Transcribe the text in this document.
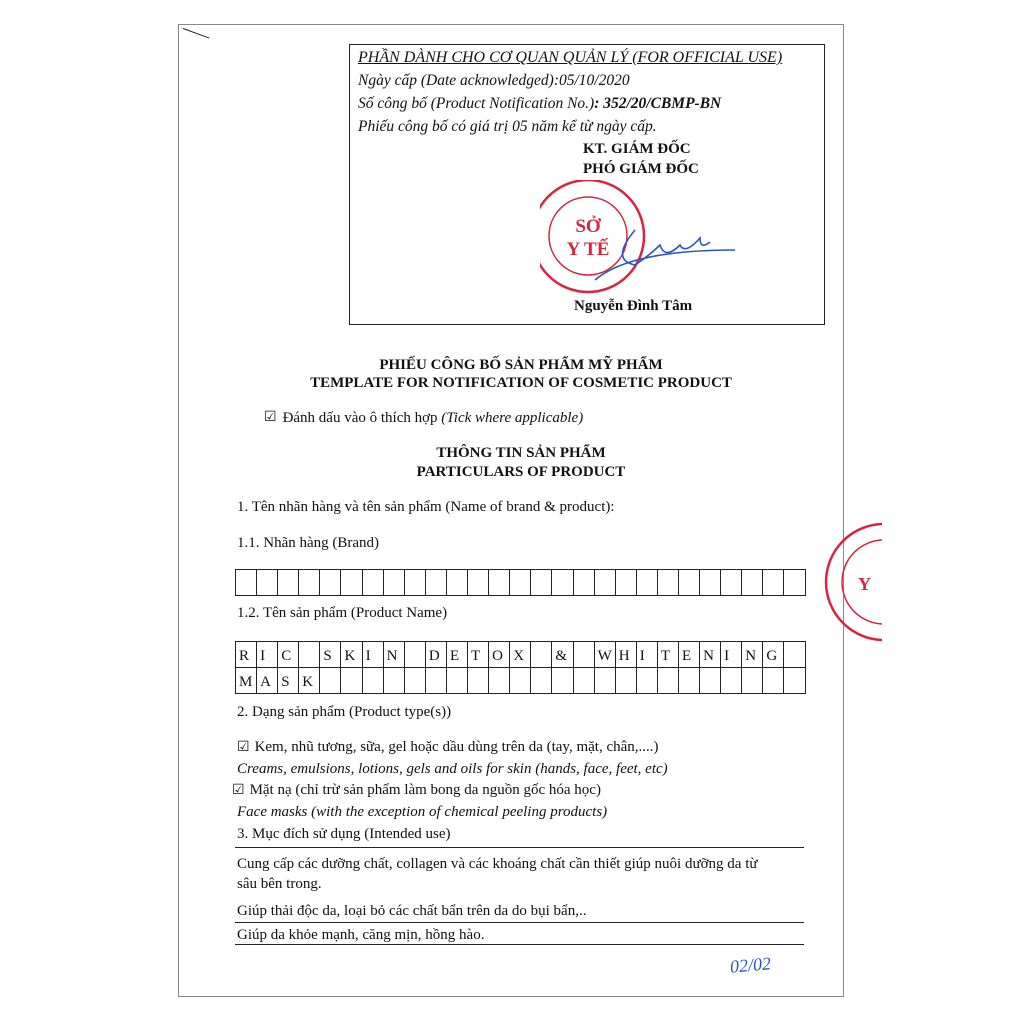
PHẦN DÀNH CHO CƠ QUAN QUẢN LÝ (FOR OFFICIAL USE)
Ngày cấp (Date acknowledged):05/10/2020
Số công bố (Product Notification No.): 352/20/CBMP-BN
Phiếu công bố có giá trị 05 năm kể từ ngày cấp.
KT. GIÁM ĐỐC
PHÓ GIÁM ĐỐC
SỞ
Y TẾ
Nguyễn Đình Tâm
Y
PHIẾU CÔNG BỐ SẢN PHẨM MỸ PHẨM
TEMPLATE FOR NOTIFICATION OF COSMETIC PRODUCT
☑ Đánh dấu vào ô thích hợp (Tick where applicable)
THÔNG TIN SẢN PHẨM
PARTICULARS OF PRODUCT
1. Tên nhãn hàng và tên sản phẩm (Name of brand & product):
1.1. Nhãn hàng (Brand)
1.2. Tên sản phẩm (Product Name)
R I	C	S K I	N	D E T O X	&	W H I	T E N I	N G
M A S K
2. Dạng sản phẩm (Product type(s))
☑ Kem, nhũ tương, sữa, gel hoặc dầu dùng trên da (tay, mặt, chân,....)
Creams, emulsions, lotions, gels and oils for skin (hands, face, feet, etc)
☑ Mặt nạ (chỉ trừ sản phẩm làm bong da nguồn gốc hóa học)
Face masks (with the exception of chemical peeling products)
3. Mục đích sử dụng (Intended use)
Cung cấp các dưỡng chất, collagen và các khoáng chất cần thiết giúp nuôi dưỡng da từ
sâu bên trong.
Giúp thải độc da, loại bỏ các chất bẩn trên da do bụi bẩn,..
Giúp da khỏe mạnh, căng mịn, hồng hào.
02/02
